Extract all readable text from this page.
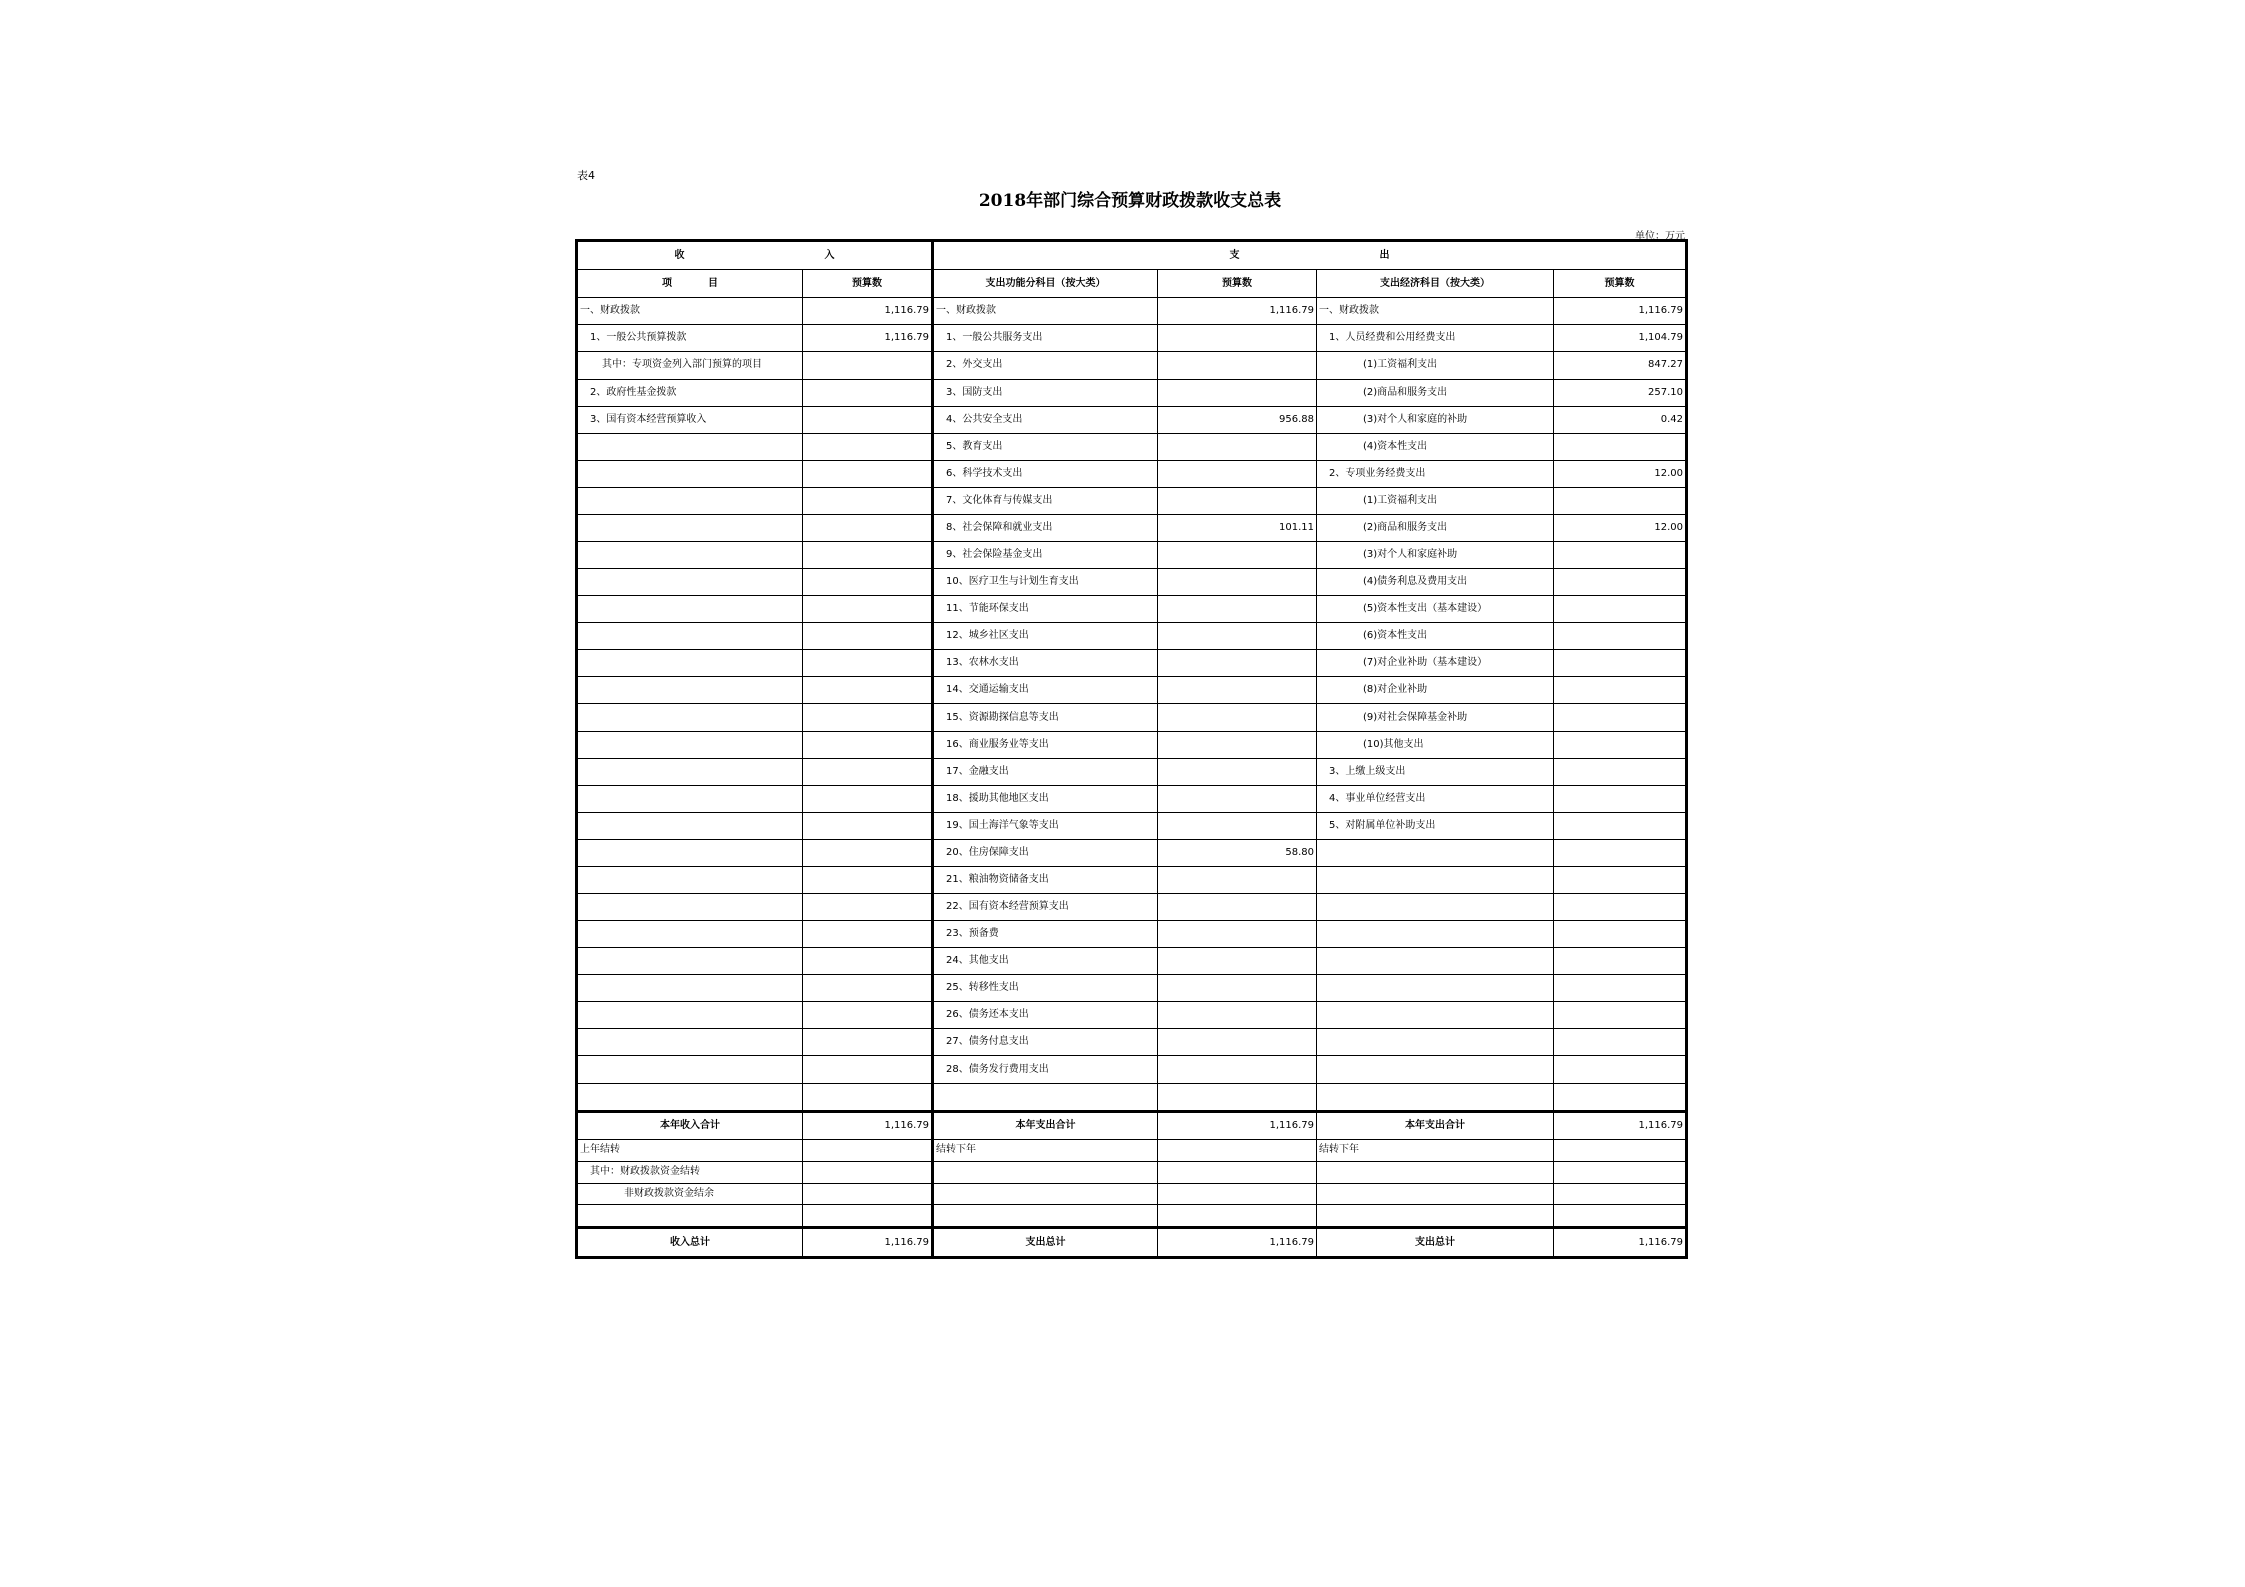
表4
2018年部门综合预算财政拨款收支总表
单位：万元
收 入		支 出			
项 目	预算数	支出功能分科目（按大类）	预算数	支出经济科目（按大类）	预算数
一、财政拨款	1,116.79	一、财政拨款	1,116.79	一、财政拨款	1,116.79
1、一般公共预算拨款	1,116.79	1、一般公共服务支出		1、人员经费和公用经费支出	1,104.79
其中：专项资金列入部门预算的项目		2、外交支出		(1)工资福利支出	847.27
2、政府性基金拨款		3、国防支出		(2)商品和服务支出	257.10
3、国有资本经营预算收入		4、公共安全支出	956.88	(3)对个人和家庭的补助	0.42
		5、教育支出		(4)资本性支出	
		6、科学技术支出		2、专项业务经费支出	12.00
		7、文化体育与传媒支出		(1)工资福利支出	
		8、社会保障和就业支出	101.11	(2)商品和服务支出	12.00
		9、社会保险基金支出		(3)对个人和家庭补助	
		10、医疗卫生与计划生育支出		(4)债务利息及费用支出	
		11、节能环保支出		(5)资本性支出（基本建设）	
		12、城乡社区支出		(6)资本性支出	
		13、农林水支出		(7)对企业补助（基本建设）	
		14、交通运输支出		(8)对企业补助	
		15、资源勘探信息等支出		(9)对社会保障基金补助	
		16、商业服务业等支出		(10)其他支出	
		17、金融支出		3、上缴上级支出	
		18、援助其他地区支出		4、事业单位经营支出	
		19、国土海洋气象等支出		5、对附属单位补助支出	
		20、住房保障支出	58.80		
		21、粮油物资储备支出			
		22、国有资本经营预算支出			
		23、预备费			
		24、其他支出			
		25、转移性支出			
		26、债务还本支出			
		27、债务付息支出			
		28、债务发行费用支出			

本年收入合计	1,116.79	本年支出合计	1,116.79	本年支出合计	1,116.79
上年结转		结转下年		结转下年	
其中：财政拨款资金结转					
非财政拨款资金结余					

收入总计	1,116.79	支出总计	1,116.79	支出总计	1,116.79
